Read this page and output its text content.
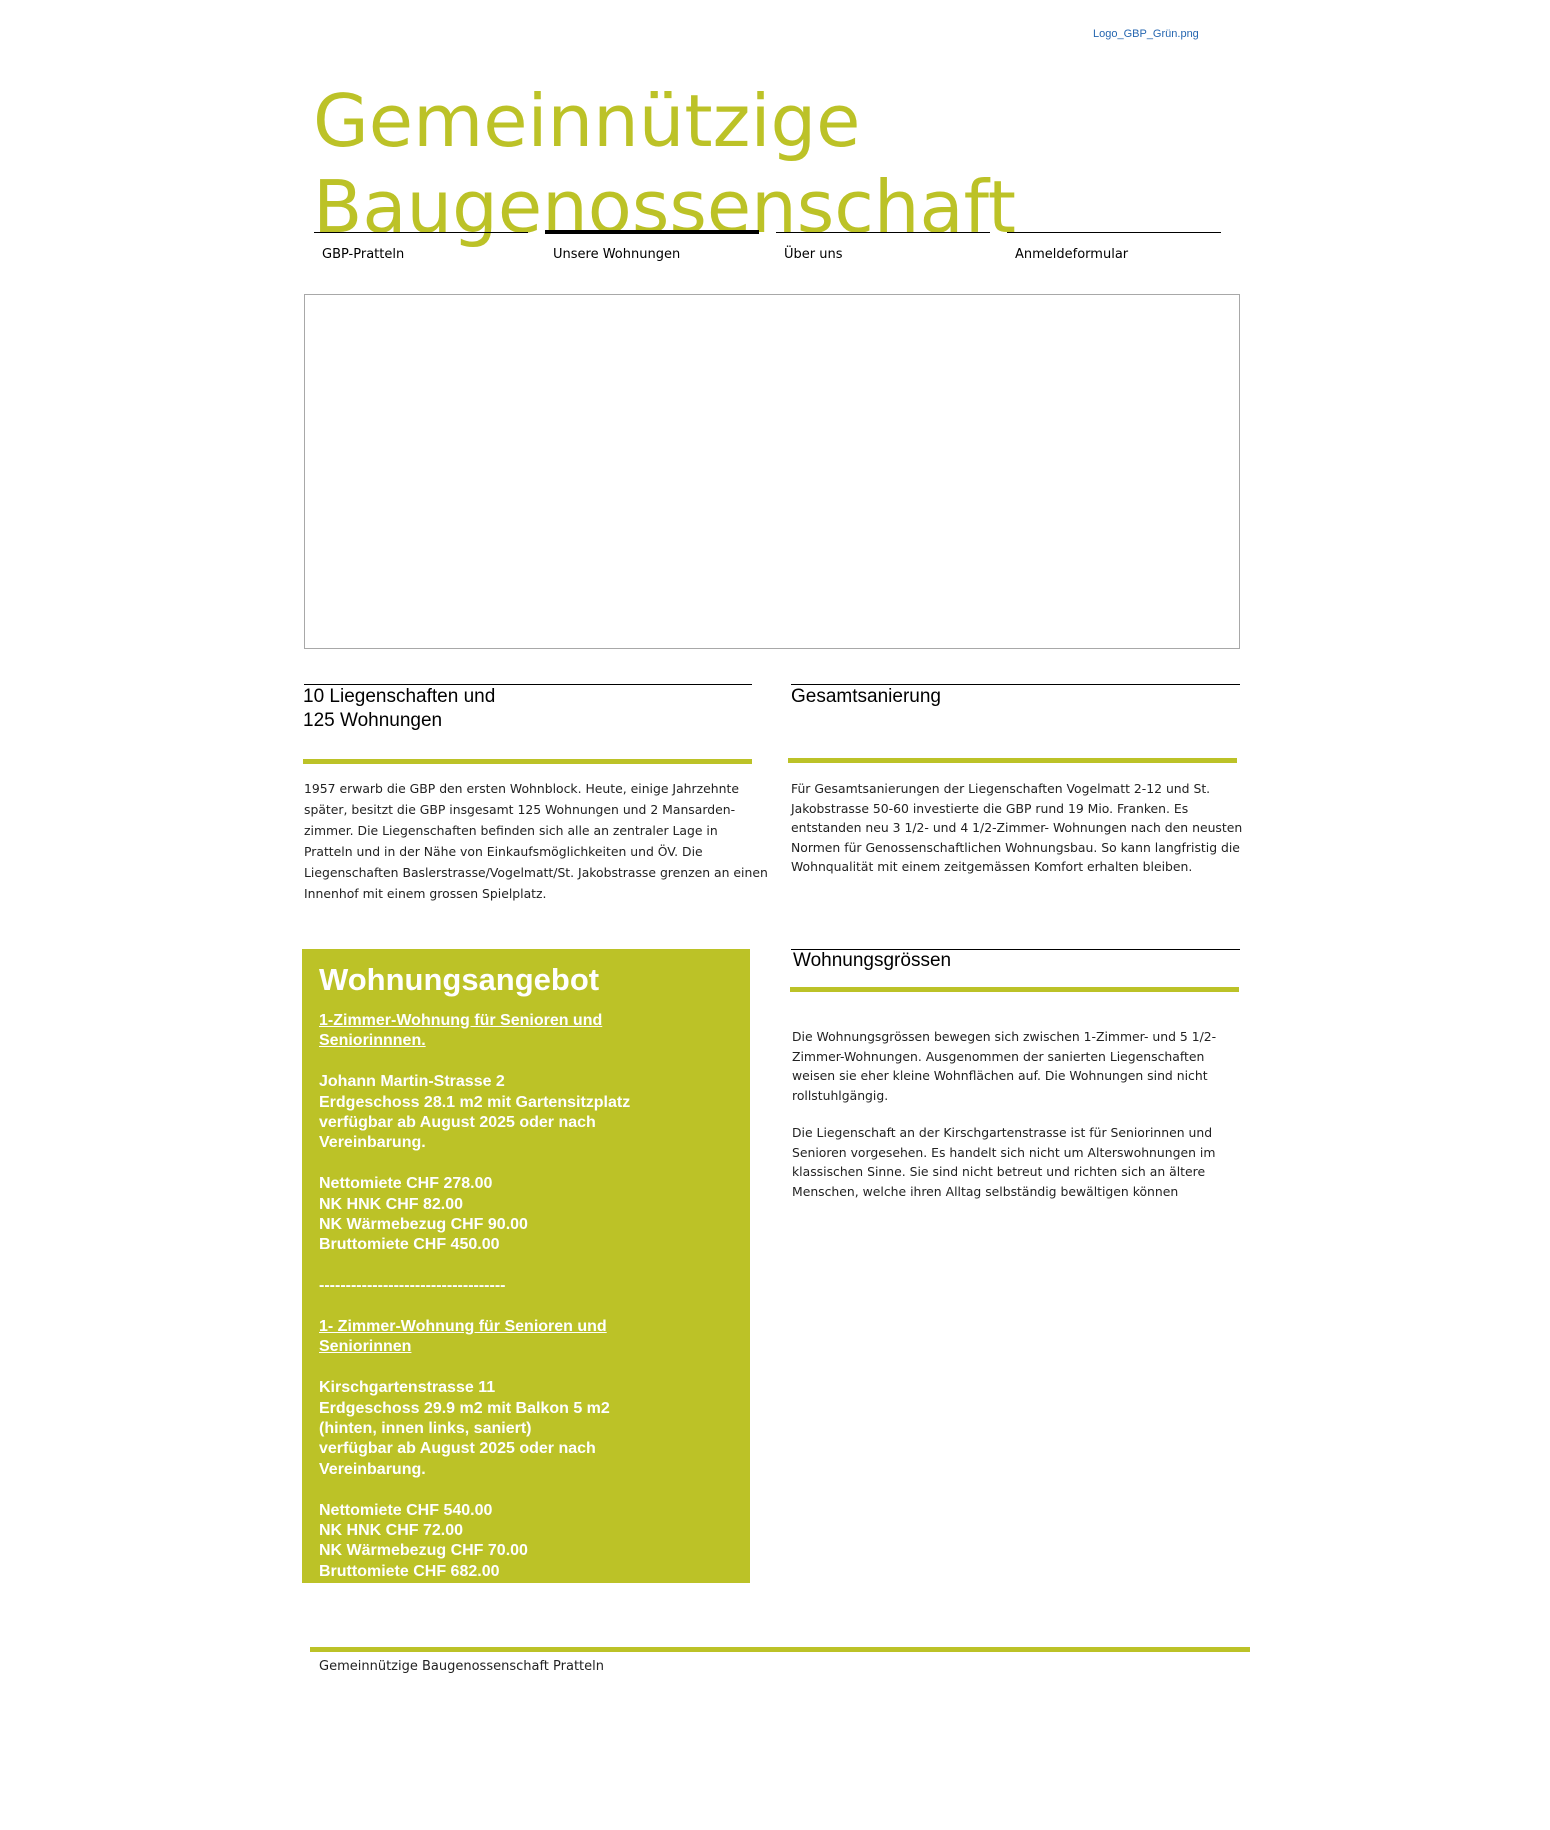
Gemeinnützige
Baugenossenschaft
Logo_GBP_Grün.png
GBP-Pratteln	Unsere Wohnungen	Über uns	Anmeldeformular
10 Liegenschaften und
125 Wohnungen
1957 erwarb die GBP den ersten Wohnblock. Heute, einige Jahrzehnte
später, besitzt die GBP insgesamt 125 Wohnungen und 2 Mansarden-
zimmer. Die Liegenschaften befinden sich alle an zentraler Lage in
Pratteln und in der Nähe von Einkaufsmöglichkeiten und ÖV. Die
Liegenschaften Baslerstrasse/Vogelmatt/St. Jakobstrasse grenzen an einen
Innenhof mit einem grossen Spielplatz.
Gesamtsanierung
Für Gesamtsanierungen der Liegenschaften Vogelmatt 2-12 und St.
Jakobstrasse 50-60 investierte die GBP rund 19 Mio. Franken. Es
entstanden neu 3 1/2- und 4 1/2-Zimmer- Wohnungen nach den neusten
Normen für Genossenschaftlichen Wohnungsbau. So kann langfristig die
Wohnqualität mit einem zeitgemässen Komfort erhalten bleiben.
Wohnungsangebot
1-Zimmer-Wohnung für Senioren und
Seniorinnnen.
Johann Martin-Strasse 2
Erdgeschoss 28.1 m2 mit Gartensitzplatz
verfügbar ab August 2025 oder nach
Vereinbarung.
Nettomiete CHF 278.00
NK HNK CHF 82.00
NK Wärmebezug CHF 90.00
Bruttomiete CHF 450.00
-----------------------------------
1- Zimmer-Wohnung für Senioren und
Seniorinnen
Kirschgartenstrasse 11
Erdgeschoss 29.9 m2 mit Balkon 5 m2
(hinten, innen links, saniert)
verfügbar ab August 2025 oder nach
Vereinbarung.
Nettomiete CHF 540.00
NK HNK CHF 72.00
NK Wärmebezug CHF 70.00
Bruttomiete CHF 682.00
Wohnungsgrössen
Die Wohnungsgrössen bewegen sich zwischen 1-Zimmer- und 5 1/2-
Zimmer-Wohnungen. Ausgenommen der sanierten Liegenschaften
weisen sie eher kleine Wohnflächen auf. Die Wohnungen sind nicht
rollstuhlgängig.
Die Liegenschaft an der Kirschgartenstrasse ist für Seniorinnen und
Senioren vorgesehen. Es handelt sich nicht um Alterswohnungen im
klassischen Sinne. Sie sind nicht betreut und richten sich an ältere
Menschen, welche ihren Alltag selbständig bewältigen können
Gemeinnützige Baugenossenschaft Pratteln
